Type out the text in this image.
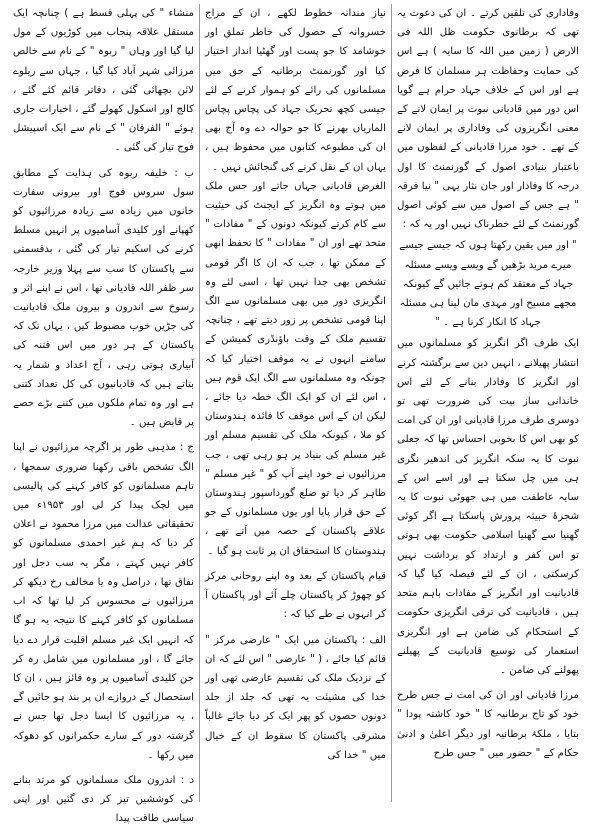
وفاداری کی تلقین کرتے ۔ ان کی دعوت یہ تھی کہ برطانوی حکومت ظل اللہ فی الارض ( زمین میں اللہ کا سایہ ) ہے اس کی حمایت وحفاظت ہر مسلمان کا فرض ہے اور اس کے خلاف جہاد حرام ہے گویا اس دور میں قادیانی نبوت پر ایمان لانے کے معنی انگریزوں کی وفاداری پر ایمان لانے کے تھے ۔ خود مرزا قادیانی کے لفظوں میں باعتبار بنیادی اصول کے گورنمنٹ کا اول درجہ کا وفادار اور جان نثار یہی " نیا فرقہ " ہے جس کے اصول میں سے کوئی اصول گورنمنٹ کے لئے خطرناک نہیں اور یہ کہ :

" اور میں یقین رکھتا ہوں کہ جیسے جیسے میرے مرید بڑھیں گے ویسے ویسے مسئلہ جہاد کے معتقد کم ہوتے جائیں گے کیونکہ مجھے مسیح اور مہدی مان لینا ہی مسئلہ جہاد کا انکار کرنا ہے ۔ "

ایک طرف اگر انگریز کو مسلمانوں میں انتشار پھیلانے ، انہیں دین سے برگشتہ کرنے اور انگریز کا وفادار بنانے کے لئے اس خاندانی ساز بیت کی ضرورت تھی تو دوسری طرف مرزا قادیانی اور ان کی امت کو بھی اس کا بخوبی احساس تھا کہ جعلی نبوت کا یہ سکہ انگریز کی اندھیر نگری ہی میں چل سکتا ہے اور اسے اس کے سایہ عاطفت میں ہی جھوٹی نبوت کا یہ شجرۂ خبیثہ پرورش پاسکتا ہے اگر کوئی گھنیا سے گھنیا اسلامی حکومت بھی ہوتی تو اس کفر و ارتداد کو برداشت نہیں کرسکتی ، ان کے لئے فیصلہ کیا گیا کہ قادیانیت اور انگریز کے مفادات باہم متحد ہیں ، قادیانیت کی ترقی انگریزی حکومت کے استحکام کی ضامن ہے اور انگریزی استعمار کی توسیع قادیانیت کے پھیلنے پھولنے کی ضامن ۔

مرزا قادیانی اور ان کی امت نے جس طرح خود کو تاج برطانیہ کا " خود کاشتہ پودا " بتایا ، ملکۂ برطانیہ اور دیگر اعلیٰ و ادنیٰ حکام کے " حضور میں " جس طرح

نیاز مندانہ خطوط لکھے ، ان کے مزاج خسروانہ کے حصول کی خاطر تملق اور خوشامد کا جو پست اور گھٹیا انداز اختیار کیا اور گورنمنٹ برطانیہ کے حق میں مسلمانوں کی رائے کو ہموار کرنے کے لئے جیسی کچھ تحریک جہاد کی پچاس پچاس الماریاں بھرنے کا جو حوالہ دے وہ آج بھی ان کی مطبوعہ کتابوں میں محفوظ ہیں ، یہاں ان کے نقل کرنے کی گنجائش نہیں ۔

الغرض قادیانی جہاں جاتے اور جس ملک میں ہوتے وہ انگریز کے ایجنٹ کی حیثیت سے کام کرتے کیونکہ دونوں کے " مفادات " متحد تھے اور ان " مفادات " کا تحفظ انھی کے ممکن تھا ، جب کہ ان کا اگر قومی تشخص بھی جدا نہیں تھا ، اسی لئے وہ انگریزی دور میں بھی مسلمانوں سے الگ اپنا قومی تشخص پر زور دیتے تھے ، چنانچہ تقسیم ملک کے وقت باؤنڈری کمیشن کے سامنے انہوں نے یہ موقف اختیار کیا کہ چونکہ وہ مسلمانوں سے الگ ایک قوم ہیں ، اس لئے ان کو ایک الگ خطہ دیا جائے ، لیکن ان کے اس موقف کا فائدہ ہندوستان کو ملا ، کیونکہ ملک کی تقسیم مسلم اور غیر مسلم کی بنیاد پر ہو رہی تھی ، جب مرزائیوں نے خود اپنے آپ کو " غیر مسلم " ظاہر کر دیا تو ضلع گورداسپور ہندوستان کے حق قرار پایا اور یوں مسلمانوں کے جو علاقے پاکستان کے حصہ میں آتے تھے ، ہندوستان کا استحقاق ان پر ثابت ہو گیا ۔

قیام پاکستان کے بعد وہ اپنے روحانی مرکز کو چھوڑ کر پاکستان چلے آئے اور پاکستان آ کر انہوں نے طے کیا کہ :

الف : پاکستان میں ایک " عارضی مرکز " قائم کیا جائے ، ( " عارضی " اس لئے کہ ان کے نزدیک ملک کی تقسیم عارضی تھی اور خدا کی مشیئت یہ تھی کہ جلد از جلد دونوں حصوں کو پھر ایک کر دیا جائے غالباً مشرقی پاکستان کا سقوط ان کے خیال میں " خدا کی

منشاء " کی پہلی قسط ہے ) چنانچہ ایک مستقل علاقہ پنجاب میں کوڑیوں کے مول لیا گیا اور وہاں " ربوہ " کے نام سے خالص مرزائی شہر آباد کیا گیا ، جہاں سے ریلوے لائن بچھائی گئی ، دفاتر قائم کئے گئے ، کالج اور اسکول کھولے گئے ، اخبارات جاری ہوئے " الفرقان " کے نام سے ایک اسپیشل فوج تیار کی گئی ۔

ب : خلیفہ ربوہ کی ہدایت کے مطابق سول سروس فوج اور بیرونی سفارت خانوں میں زیادہ سے زیادہ مرزائیوں کو کھپانے اور کلیدی آسامیوں پر انہیں مسلط کرنے کی اسکیم تیار کی گئی ، بدقسمتی سے پاکستان کا سب سے پہلا وزیر خارجہ سر ظفر اللہ قادیانی تھا ، اس نے اپنے اثر و رسوخ سے اندرون و بیرون ملک قادیانیت کی جڑیں خوب مضبوط کیں ، یہاں تک کہ پاکستان کے ہر دور میں اس فتنہ کی آبیاری ہوتی رہی ، آج اعداد و شمار یہ بتاتے ہیں کہ قادیانیوں کی کل تعداد کتنی ہے اور وہ تمام ملکوں میں کتنے بڑے حصے پر قابض ہیں ۔

ج : مذہبی طور پر اگرچہ مرزائیوں نے اپنا الگ تشخص باقی رکھنا ضروری سمجھا ، تاہم مسلمانوں کو کافر کہنے کی پالیسی میں لچک پیدا کر لی اور ۱۹۵۳ء میں تحقیقاتی عدالت میں مرزا محمود نے اعلان کر دیا کہ ہم غیر احمدی مسلمانوں کو کافر نہیں کہتے ، مگر یہ سب دجل اور نفاق تھا ، دراصل وہ یا مخالف رخ دیکھ کر مرزائیوں نے محسوس کر لیا تھا کہ اب مسلمانوں کو کافر کہنے کا نتیجہ یہ ہو گا کہ انہیں ایک غیر مسلم اقلیت قرار دے دیا جائے گا ، اور مسلمانوں میں شامل رہ کر جن کلیدی آسامیوں پر وہ فائز ہیں ، ان کا استحصال کے دروازے ان پر بند ہو جائیں گے ، یہ مرزائیوں کا ایسا دجل تھا جس نے گزشتہ دور کے سارے حکمرانوں کو دھوکہ میں رکھا ۔

د : اندرون ملک مسلمانوں کو مرتد بنانے کی کوششیں تیز کر دی گئیں اور اپنی سیاسی طاقت پیدا
